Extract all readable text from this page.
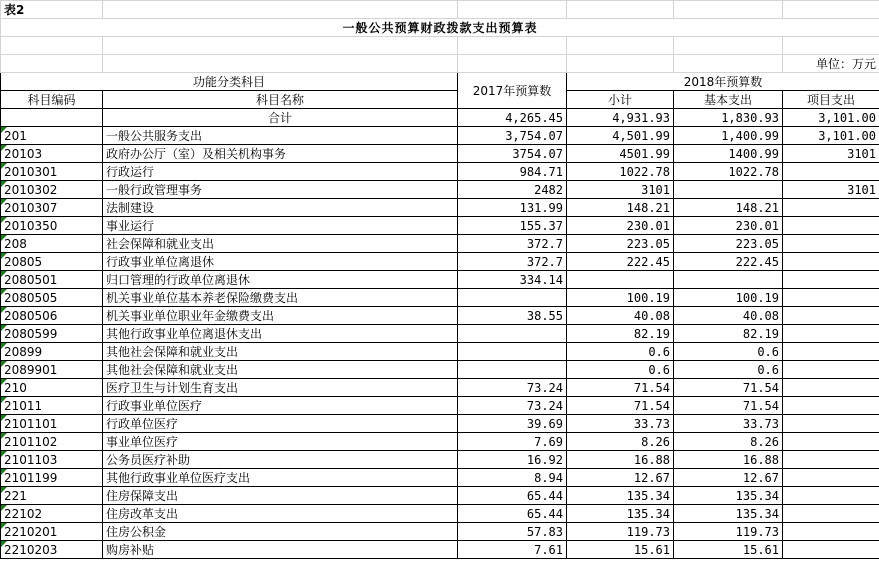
表2					
一般公共预算财政拨款支出预算表					

					单位：万元
功能分类科目		2017年预算数	2018年预算数		
科目编码	科目名称				
			小计	基本支出	项目支出
	合计	4,265.45	4,931.93	1,830.93	3,101.00
201	一般公共服务支出	3,754.07	4,501.99	1,400.99	3,101.00
20103	政府办公厅（室）及相关机构事务	3754.07	4501.99	1400.99	3101
2010301	行政运行	984.71	1022.78	1022.78	
2010302	一般行政管理事务	2482	3101		3101
2010307	法制建设	131.99	148.21	148.21	
2010350	事业运行	155.37	230.01	230.01	
208	社会保障和就业支出	372.7	223.05	223.05	
20805	行政事业单位离退休	372.7	222.45	222.45	
2080501	归口管理的行政单位离退休	334.14			
2080505	机关事业单位基本养老保险缴费支出		100.19	100.19	
2080506	机关事业单位职业年金缴费支出	38.55	40.08	40.08	
2080599	其他行政事业单位离退休支出		82.19	82.19	
20899	其他社会保障和就业支出		0.6	0.6	
2089901	其他社会保障和就业支出		0.6	0.6	
210	医疗卫生与计划生育支出	73.24	71.54	71.54	
21011	行政事业单位医疗	73.24	71.54	71.54	
2101101	行政单位医疗	39.69	33.73	33.73	
2101102	事业单位医疗	7.69	8.26	8.26	
2101103	公务员医疗补助	16.92	16.88	16.88	
2101199	其他行政事业单位医疗支出	8.94	12.67	12.67	
221	住房保障支出	65.44	135.34	135.34	
22102	住房改革支出	65.44	135.34	135.34	
2210201	住房公积金	57.83	119.73	119.73	
2210203	购房补贴	7.61	15.61	15.61	
